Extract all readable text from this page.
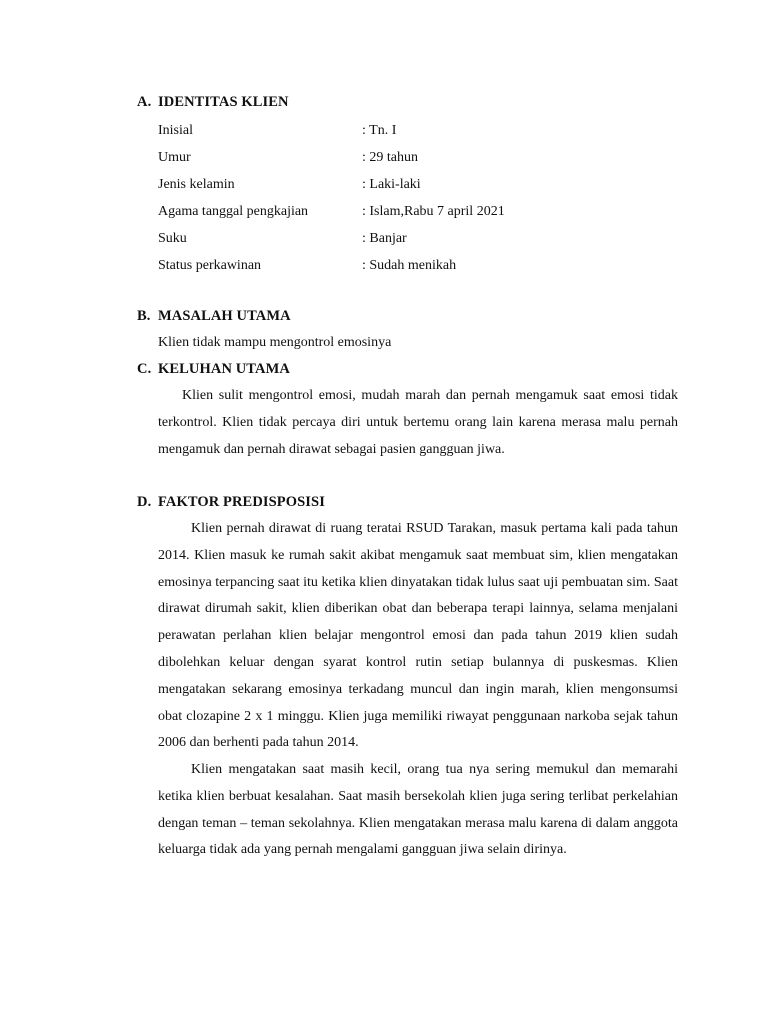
A. IDENTITAS KLIEN
Inisial	: Tn. I
Umur	: 29 tahun
Jenis kelamin	: Laki-laki
Agama tanggal pengkajian	: Islam,Rabu 7 april 2021
Suku	: Banjar
Status perkawinan	: Sudah menikah
B. MASALAH UTAMA
Klien tidak mampu mengontrol emosinya
C. KELUHAN UTAMA
Klien sulit mengontrol emosi, mudah marah dan pernah mengamuk saat emosi tidak terkontrol. Klien tidak percaya diri untuk bertemu orang lain karena merasa malu pernah mengamuk dan pernah dirawat sebagai pasien gangguan jiwa.
D. FAKTOR PREDISPOSISI
Klien pernah dirawat di ruang teratai RSUD Tarakan, masuk pertama kali pada tahun 2014. Klien masuk ke rumah sakit akibat mengamuk saat membuat sim, klien mengatakan emosinya terpancing saat itu ketika klien dinyatakan tidak lulus saat uji pembuatan sim. Saat dirawat dirumah sakit, klien diberikan obat dan beberapa terapi lainnya, selama menjalani perawatan perlahan klien belajar mengontrol emosi dan pada tahun 2019 klien sudah dibolehkan keluar dengan syarat kontrol rutin setiap bulannya di puskesmas. Klien mengatakan sekarang emosinya terkadang muncul dan ingin marah, klien mengonsumsi obat clozapine 2 x 1 minggu. Klien juga memiliki riwayat penggunaan narkoba sejak tahun 2006 dan berhenti pada tahun 2014.
Klien mengatakan saat masih kecil, orang tua nya sering memukul dan memarahi ketika klien berbuat kesalahan. Saat masih bersekolah klien juga sering terlibat perkelahian dengan teman – teman sekolahnya. Klien mengatakan merasa malu karena di dalam anggota keluarga tidak ada yang pernah mengalami gangguan jiwa selain dirinya.
